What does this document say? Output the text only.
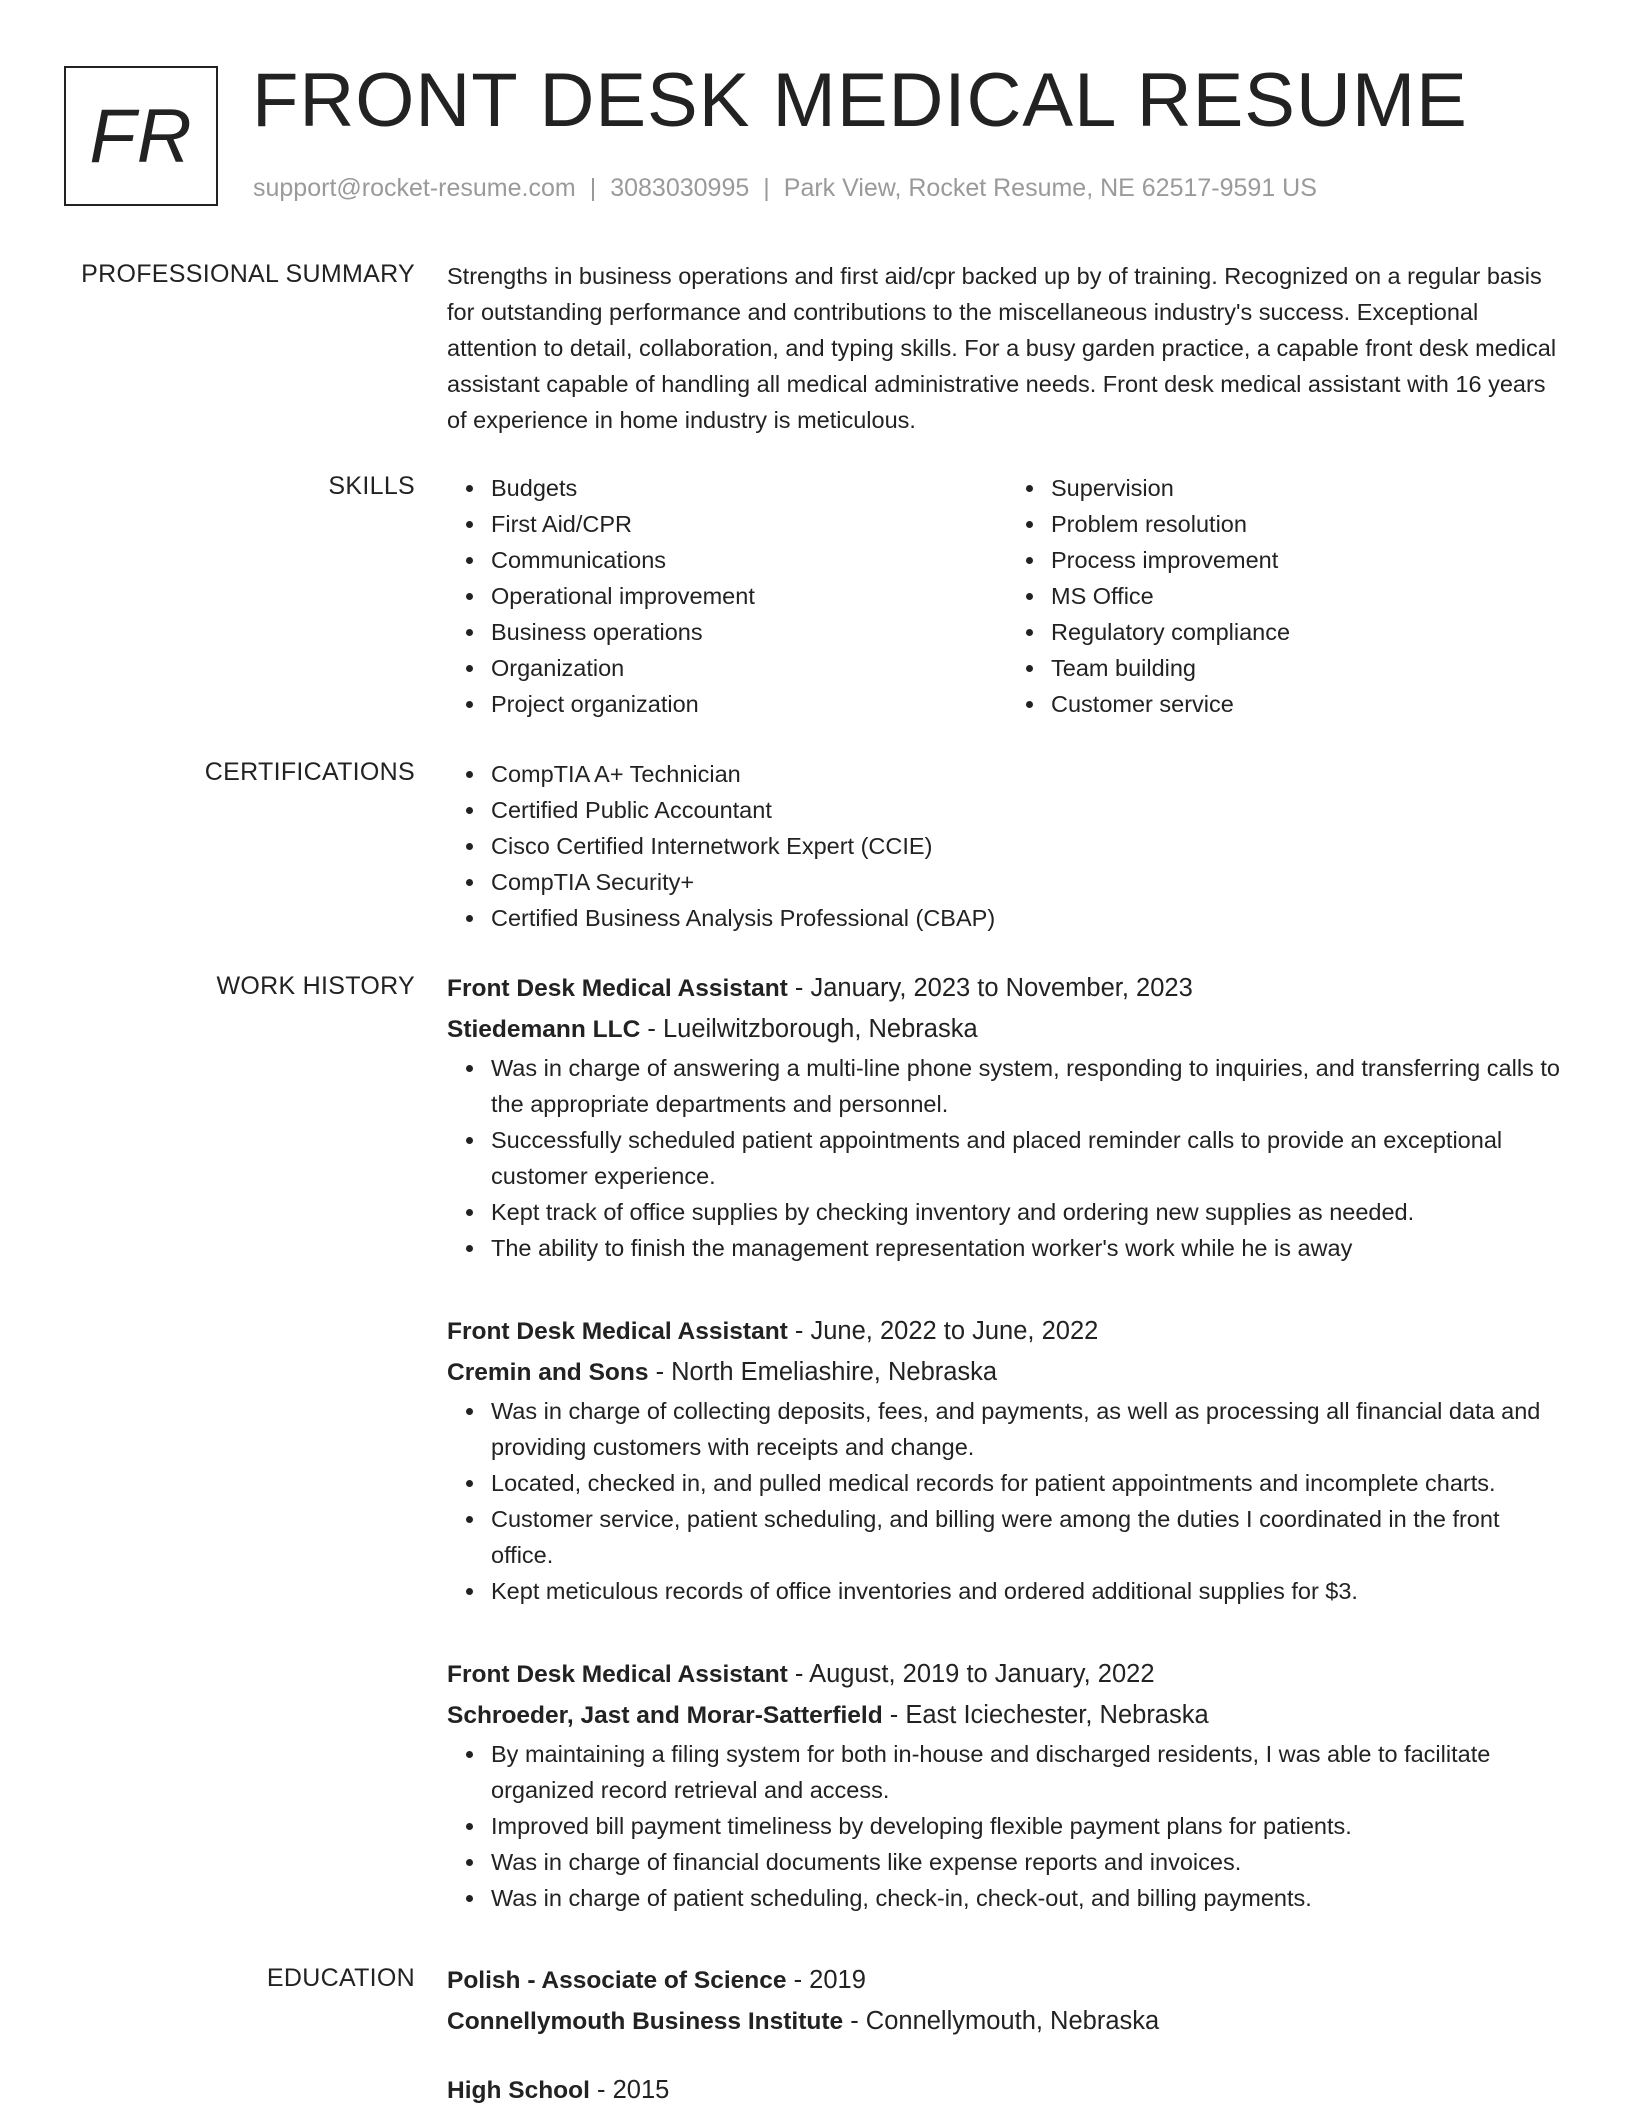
FR FRONT DESK MEDICAL RESUME
support@rocket-resume.com | 3083030995 | Park View, Rocket Resume, NE 62517-9591 US
PROFESSIONAL SUMMARY Strengths in business operations and first aid/cpr backed up by of training. Recognized on a regular basis for outstanding performance and contributions to the miscellaneous industry's success. Exceptional attention to detail, collaboration, and typing skills. For a busy garden practice, a capable front desk medical assistant capable of handling all medical administrative needs. Front desk medical assistant with 16 years of experience in home industry is meticulous.
SKILLS	Budgets
First Aid/CPR
Communications
Operational improvement
Business operations
Organization
Project organization
Supervision
Problem resolution
Process improvement
MS Office
Regulatory compliance
Team building
Customer service
CERTIFICATIONS	CompTIA A+ Technician
Certified Public Accountant
Cisco Certified Internetwork Expert (CCIE)
CompTIA Security+
Certified Business Analysis Professional (CBAP)
WORK HISTORY Front Desk Medical Assistant - January, 2023 to November, 2023
Stiedemann LLC - Lueilwitzborough, Nebraska
Was in charge of answering a multi-line phone system, responding to inquiries, and transferring calls to the appropriate departments and personnel.
Successfully scheduled patient appointments and placed reminder calls to provide an exceptional customer experience.
Kept track of office supplies by checking inventory and ordering new supplies as needed.
The ability to finish the management representation worker's work while he is away
Front Desk Medical Assistant - June, 2022 to June, 2022
Cremin and Sons - North Emeliashire, Nebraska
Was in charge of collecting deposits, fees, and payments, as well as processing all financial data and providing customers with receipts and change.
Located, checked in, and pulled medical records for patient appointments and incomplete charts.
Customer service, patient scheduling, and billing were among the duties I coordinated in the front office.
Kept meticulous records of office inventories and ordered additional supplies for $3.
Front Desk Medical Assistant - August, 2019 to January, 2022
Schroeder, Jast and Morar-Satterfield - East Iciechester, Nebraska
By maintaining a filing system for both in-house and discharged residents, I was able to facilitate organized record retrieval and access.
Improved bill payment timeliness by developing flexible payment plans for patients.
Was in charge of financial documents like expense reports and invoices.
Was in charge of patient scheduling, check-in, check-out, and billing payments.
EDUCATION Polish - Associate of Science - 2019
Connellymouth Business Institute - Connellymouth, Nebraska
High School - 2015
